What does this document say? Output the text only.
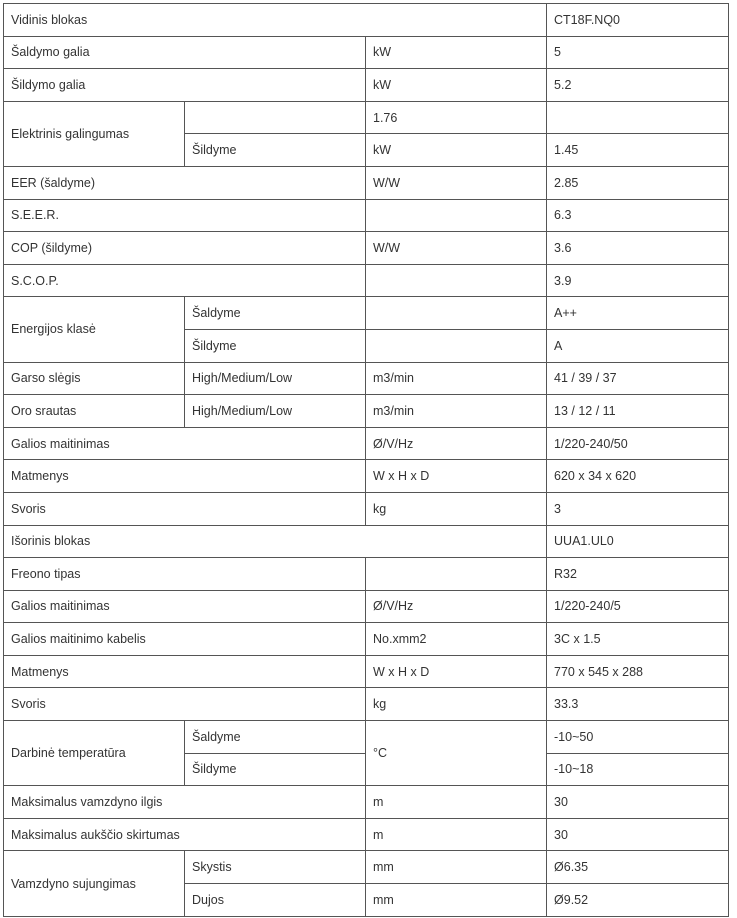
Vidinis blokas			CT18F.NQ0
Šaldymo galia		kW	5
Šildymo galia		kW	5.2
Elektrinis galingumas		1.76	
	Šildyme	kW	1.45
EER (šaldyme)		W/W	2.85
S.E.E.R.			6.3
COP (šildyme)		W/W	3.6
S.C.O.P.			3.9
Energijos klasė	Šaldyme		A++
	Šildyme		A
Garso slėgis	High/Medium/Low	m3/min	41 / 39 / 37
Oro srautas	High/Medium/Low	m3/min	13 / 12 / 11
Galios maitinimas		Ø/V/Hz	1/220-240/50
Matmenys		W x H x D	620 x 34 x 620
Svoris		kg	3
Išorinis blokas			UUA1.UL0
Freono tipas			R32
Galios maitinimas		Ø/V/Hz	1/220-240/5
Galios maitinimo kabelis		No.xmm2	3C x 1.5
Matmenys		W x H x D	770 x 545 x 288
Svoris		kg	33.3
Darbinė temperatūra	Šaldyme	°C	-10~50
	Šildyme		-10~18
Maksimalus vamzdyno ilgis		m	30
Maksimalus aukščio skirtumas		m	30
Vamzdyno sujungimas	Skystis	mm	Ø6.35
	Dujos	mm	Ø9.52
